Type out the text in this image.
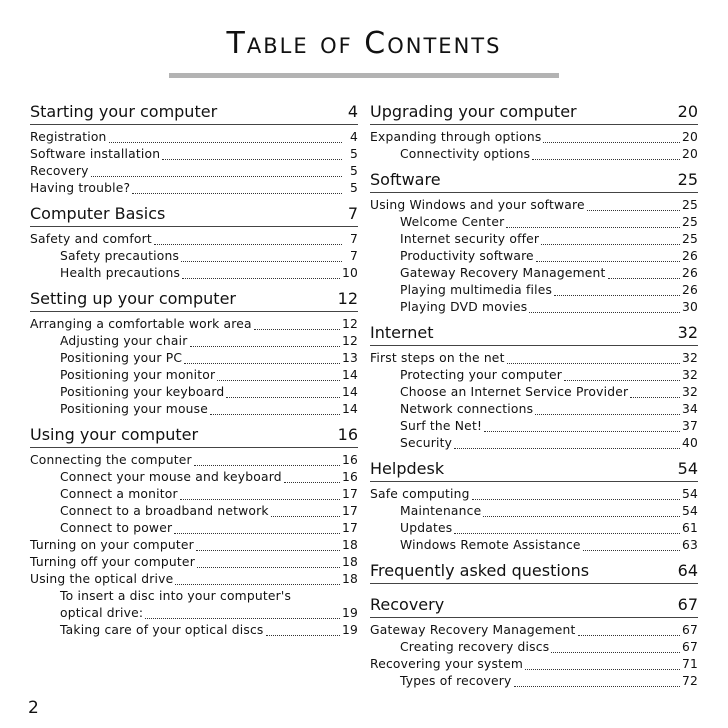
Table of Contents
Starting your computer	4
Registration	4
Software installation	5
Recovery	5
Having trouble?	5
Computer Basics	7
Safety and comfort	7
Safety precautions	7
Health precautions	10
Setting up your computer	12
Arranging a comfortable work area	12
Adjusting your chair	12
Positioning your PC	13
Positioning your monitor	14
Positioning your keyboard	14
Positioning your mouse	14
Using your computer	16
Connecting the computer	16
Connect your mouse and keyboard	16
Connect a monitor	17
Connect to a broadband network	17
Connect to power	17
Turning on your computer	18
Turning off your computer	18
Using the optical drive	18
To insert a disc into your computer's
optical drive:	19
Taking care of your optical discs	19
Upgrading your computer	20
Expanding through options	20
Connectivity options	20
Software	25
Using Windows and your software	25
Welcome Center	25
Internet security offer	25
Productivity software	26
Gateway Recovery Management	26
Playing multimedia files	26
Playing DVD movies	30
Internet	32
First steps on the net	32
Protecting your computer	32
Choose an Internet Service Provider	32
Network connections	34
Surf the Net!	37
Security	40
Helpdesk	54
Safe computing	54
Maintenance	54
Updates	61
Windows Remote Assistance	63
Frequently asked questions	64
Recovery	67
Gateway Recovery Management	67
Creating recovery discs	67
Recovering your system	71
Types of recovery	72
2
